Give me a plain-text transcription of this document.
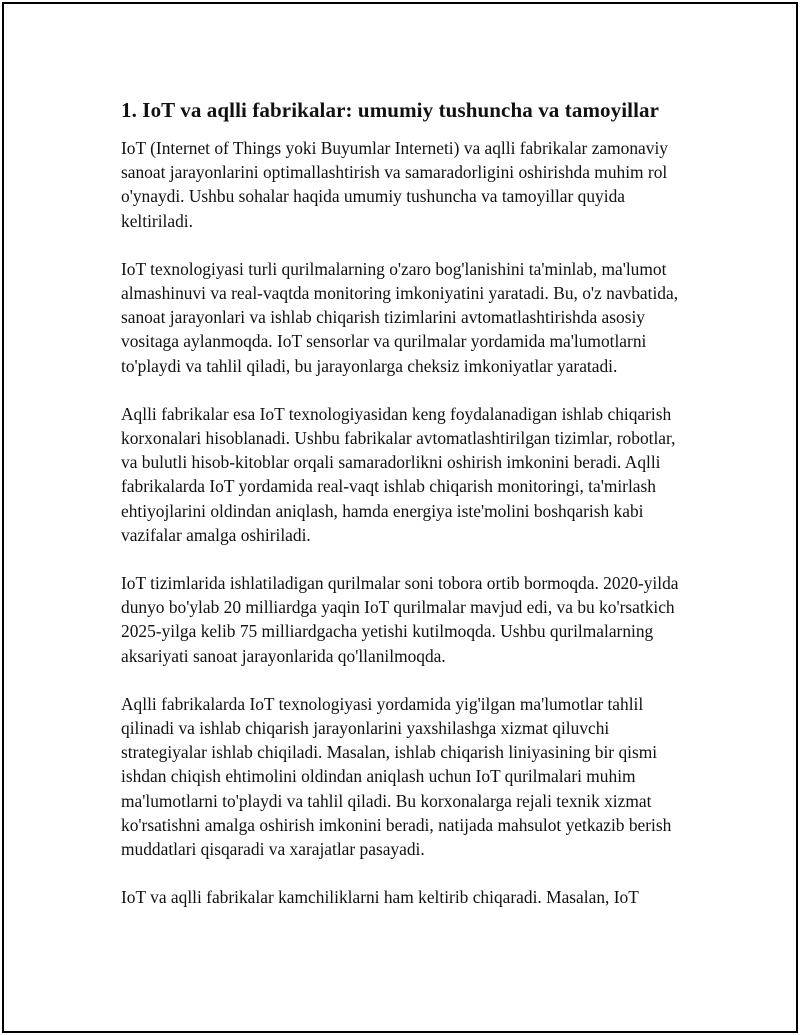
1. IoT va aqlli fabrikalar: umumiy tushuncha va tamoyillar

IoT (Internet of Things yoki Buyumlar Interneti) va aqlli fabrikalar zamonaviy sanoat jarayonlarini optimallashtirish va samaradorligini oshirishda muhim rol o'ynaydi. Ushbu sohalar haqida umumiy tushuncha va tamoyillar quyida keltiriladi.

IoT texnologiyasi turli qurilmalarning o'zaro bog'lanishini ta'minlab, ma'lumot almashinuvi va real-vaqtda monitoring imkoniyatini yaratadi. Bu, o'z navbatida, sanoat jarayonlari va ishlab chiqarish tizimlarini avtomatlashtirishda asosiy vositaga aylanmoqda. IoT sensorlar va qurilmalar yordamida ma'lumotlarni to'playdi va tahlil qiladi, bu jarayonlarga cheksiz imkoniyatlar yaratadi.

Aqlli fabrikalar esa IoT texnologiyasidan keng foydalanadigan ishlab chiqarish korxonalari hisoblanadi. Ushbu fabrikalar avtomatlashtirilgan tizimlar, robotlar, va bulutli hisob-kitoblar orqali samaradorlikni oshirish imkonini beradi. Aqlli fabrikalarda IoT yordamida real-vaqt ishlab chiqarish monitoringi, ta'mirlash ehtiyojlarini oldindan aniqlash, hamda energiya iste'molini boshqarish kabi vazifalar amalga oshiriladi.

IoT tizimlarida ishlatiladigan qurilmalar soni tobora ortib bormoqda. 2020-yilda dunyo bo'ylab 20 milliardga yaqin IoT qurilmalar mavjud edi, va bu ko'rsatkich 2025-yilga kelib 75 milliardgacha yetishi kutilmoqda. Ushbu qurilmalarning aksariyati sanoat jarayonlarida qo'llanilmoqda.

Aqlli fabrikalarda IoT texnologiyasi yordamida yig'ilgan ma'lumotlar tahlil qilinadi va ishlab chiqarish jarayonlarini yaxshilashga xizmat qiluvchi strategiyalar ishlab chiqiladi. Masalan, ishlab chiqarish liniyasining bir qismi ishdan chiqish ehtimolini oldindan aniqlash uchun IoT qurilmalari muhim ma'lumotlarni to'playdi va tahlil qiladi. Bu korxonalarga rejali texnik xizmat ko'rsatishni amalga oshirish imkonini beradi, natijada mahsulot yetkazib berish muddatlari qisqaradi va xarajatlar pasayadi.

IoT va aqlli fabrikalar kamchiliklarni ham keltirib chiqaradi. Masalan, IoT
